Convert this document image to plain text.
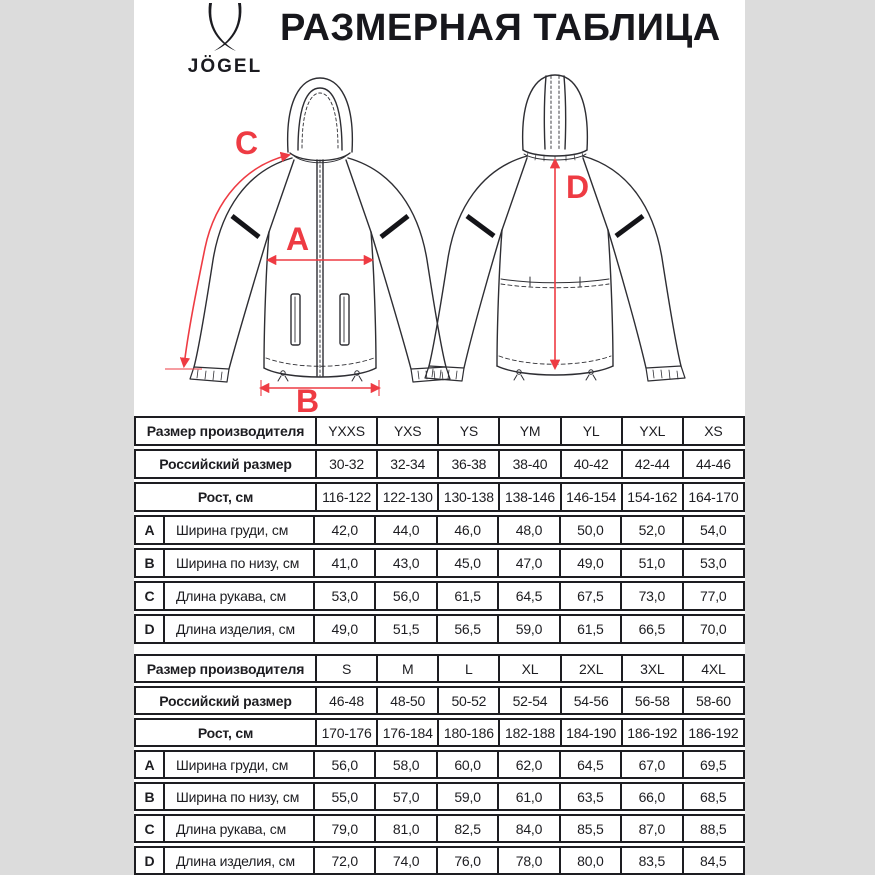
JÖGEL
РАЗМЕРНАЯ ТАБЛИЦА
A
C
B
D
Размер производителя	YXXS	YXS	YS	YM	YL	YXL	XS
Российский размер	30-32	32-34	36-38	38-40	40-42	42-44	44-46
Рост, см	116-122 122-130 130-138 138-146 146-154 154-162 164-170
A	Ширина груди, см	42,0	44,0	46,0	48,0	50,0	52,0	54,0
B	Ширина по низу, см	41,0	43,0	45,0	47,0	49,0	51,0	53,0
C	Длина рукава, см	53,0	56,0	61,5	64,5	67,5	73,0	77,0
D	Длина изделия, см	49,0	51,5	56,5	59,0	61,5	66,5	70,0
Размер производителя	S	M	L	XL	2XL	3XL	4XL
Российский размер	46-48	48-50	50-52	52-54	54-56	56-58	58-60
Рост, см	170-176 176-184 180-186 182-188 184-190 186-192 186-192
A	Ширина груди, см	56,0	58,0	60,0	62,0	64,5	67,0	69,5
B	Ширина по низу, см	55,0	57,0	59,0	61,0	63,5	66,0	68,5
C	Длина рукава, см	79,0	81,0	82,5	84,0	85,5	87,0	88,5
D	Длина изделия, см	72,0	74,0	76,0	78,0	80,0	83,5	84,5
